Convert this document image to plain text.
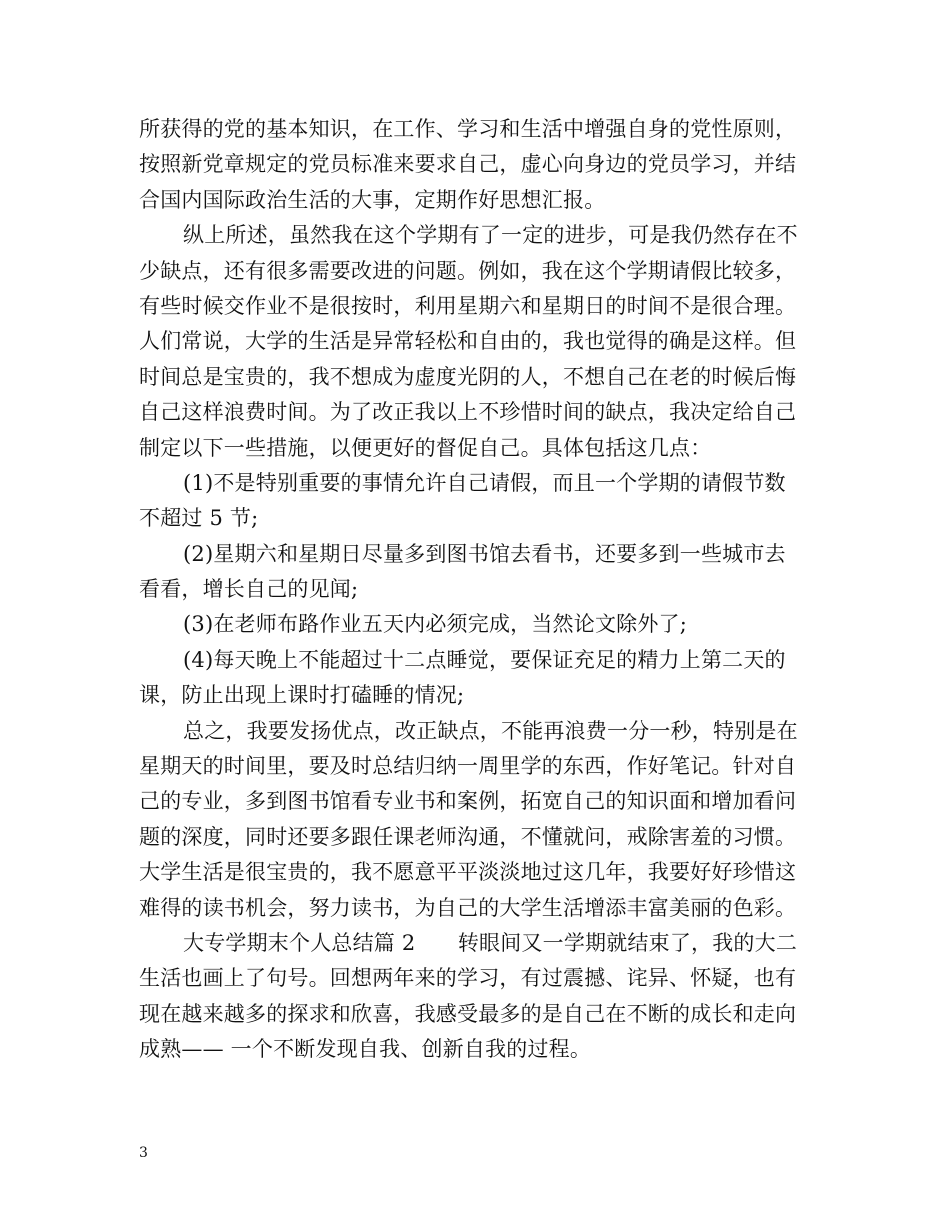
所获得的党的基本知识，在工作、学习和生活中增强自身的党性原则，
按照新党章规定的党员标准来要求自己，虚心向身边的党员学习，并结
合国内国际政治生活的大事，定期作好思想汇报。

纵上所述，虽然我在这个学期有了一定的进步，可是我仍然存在不
少缺点，还有很多需要改进的问题。例如，我在这个学期请假比较多，
有些时候交作业不是很按时，利用星期六和星期日的时间不是很合理。
人们常说，大学的生活是异常轻松和自由的，我也觉得的确是这样。但
时间总是宝贵的，我不想成为虚度光阴的人，不想自己在老的时候后悔
自己这样浪费时间。为了改正我以上不珍惜时间的缺点，我决定给自己
制定以下一些措施，以便更好的督促自己。具体包括这几点：

(1)不是特别重要的事情允许自己请假，而且一个学期的请假节数
不超过 5 节;

(2)星期六和星期日尽量多到图书馆去看书，还要多到一些城市去
看看，增长自己的见闻;

(3)在老师布路作业五天内必须完成，当然论文除外了;

(4)每天晚上不能超过十二点睡觉，要保证充足的精力上第二天的
课，防止出现上课时打磕睡的情况;

总之，我要发扬优点，改正缺点，不能再浪费一分一秒，特别是在
星期天的时间里，要及时总结归纳一周里学的东西，作好笔记。针对自
己的专业，多到图书馆看专业书和案例，拓宽自己的知识面和增加看问
题的深度，同时还要多跟任课老师沟通，不懂就问，戒除害羞的习惯。
大学生活是很宝贵的，我不愿意平平淡淡地过这几年，我要好好珍惜这
难得的读书机会，努力读书，为自己的大学生活增添丰富美丽的色彩。

大专学期末个人总结篇 2　　转眼间又一学期就结束了，我的大二
生活也画上了句号。回想两年来的学习，有过震撼、诧异、怀疑，也有
现在越来越多的探求和欣喜，我感受最多的是自己在不断的成长和走向
成熟—— 一个不断发现自我、创新自我的过程。

3
